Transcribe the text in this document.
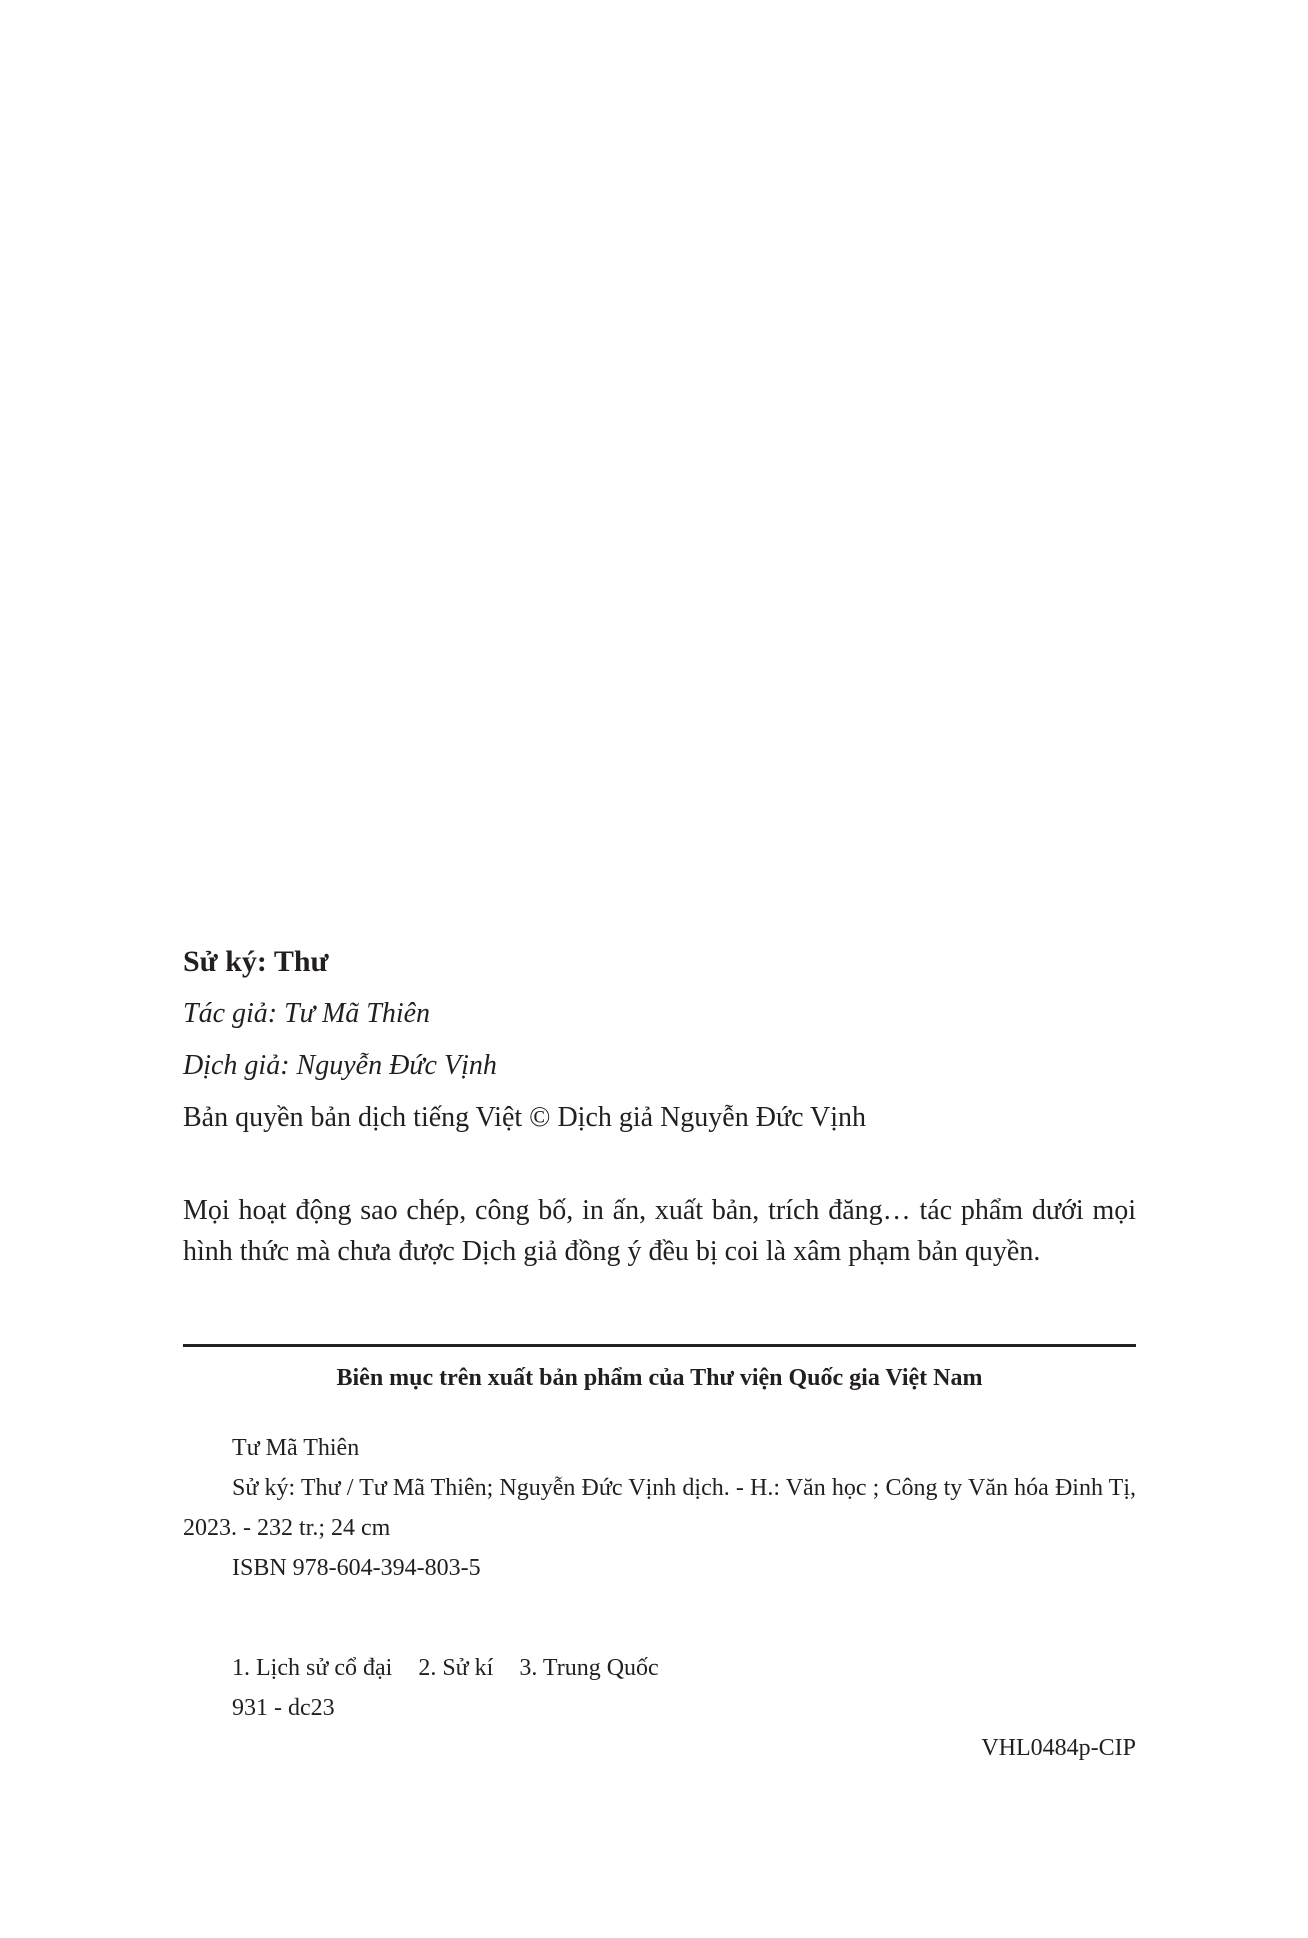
Sử ký: Thư

Tác giả: Tư Mã Thiên

Dịch giả: Nguyễn Đức Vịnh

Bản quyền bản dịch tiếng Việt © Dịch giả Nguyễn Đức Vịnh

Mọi hoạt động sao chép, công bố, in ấn, xuất bản, trích đăng… tác phẩm dưới mọi hình thức mà chưa được Dịch giả đồng ý đều bị coi là xâm phạm bản quyền.
Biên mục trên xuất bản phẩm của Thư viện Quốc gia Việt Nam

Tư Mã Thiên

Sử ký: Thư / Tư Mã Thiên; Nguyễn Đức Vịnh dịch. - H.: Văn học ; Công ty Văn hóa Đinh Tị, 2023. - 232 tr.; 24 cm

ISBN 978-604-394-803-5

1. Lịch sử cổ đại 2. Sử kí 3. Trung Quốc
931 - dc23
VHL0484p-CIP
